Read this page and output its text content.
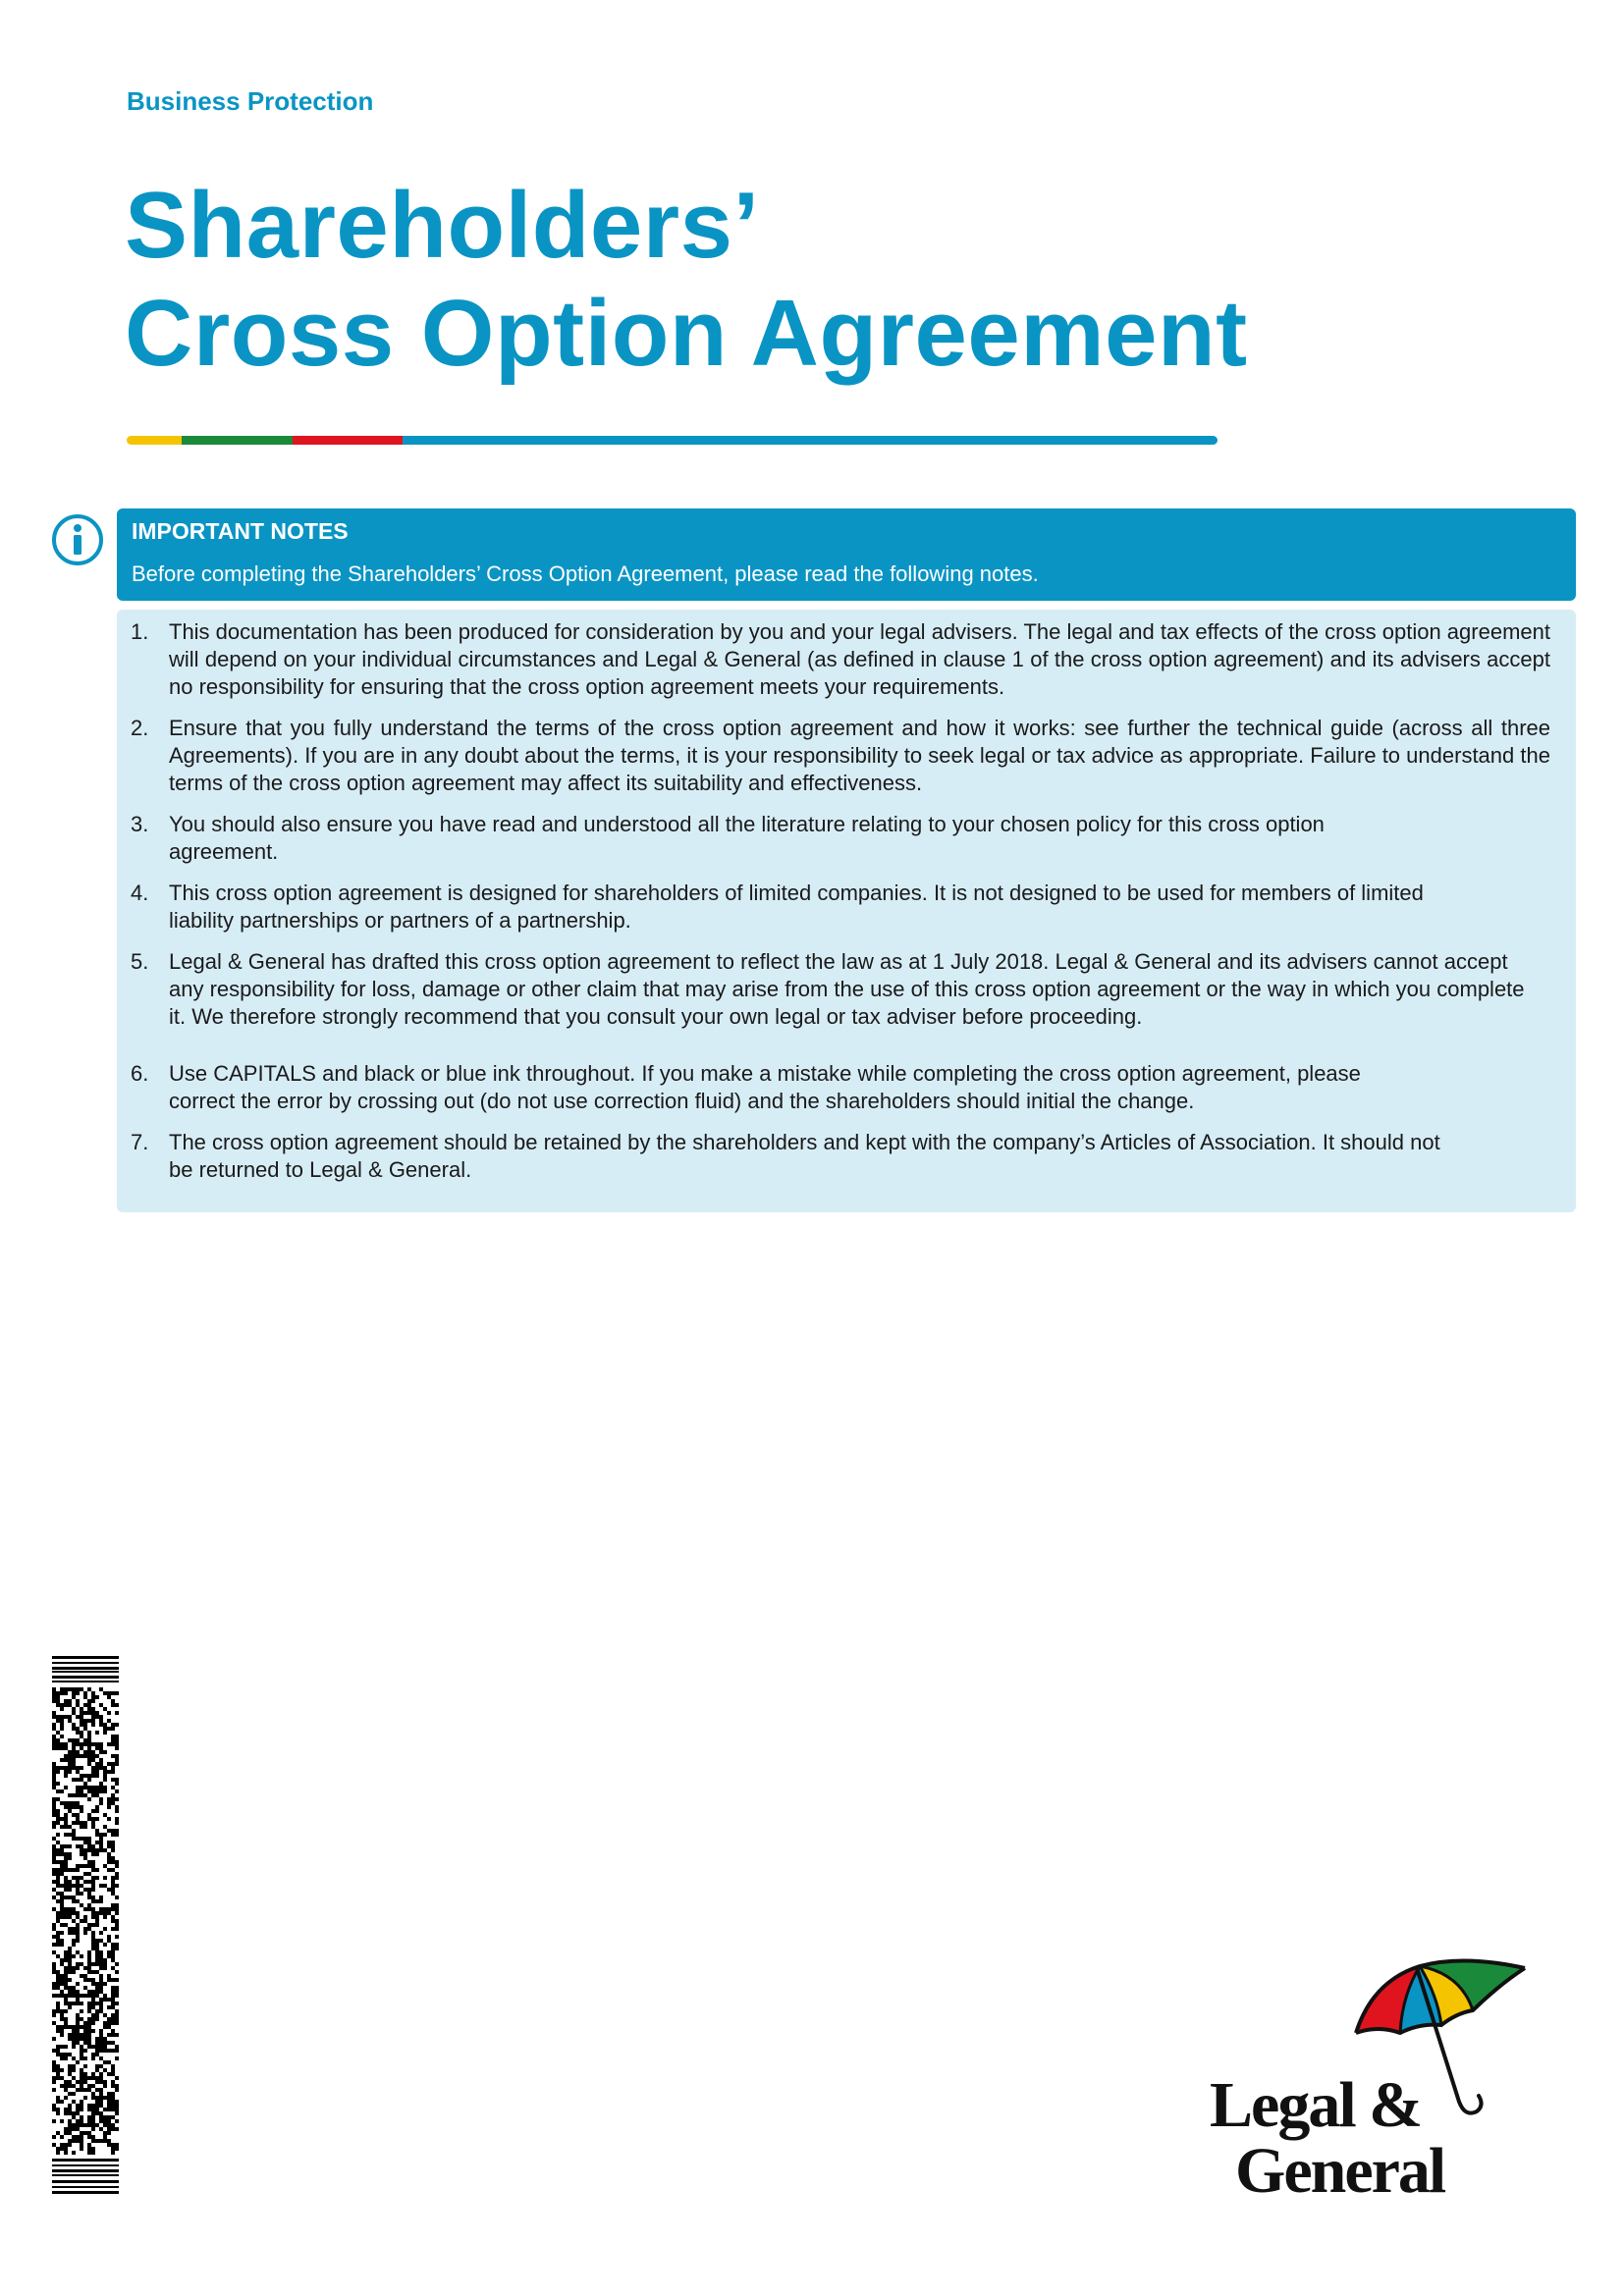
Business Protection
Shareholders’
Cross Option Agreement
IMPORTANT NOTES
Before completing the Shareholders’ Cross Option Agreement, please read the following notes.
1. This documentation has been produced for consideration by you and your legal advisers. The legal and tax effects of the cross option agreement will depend on your individual circumstances and Legal & General (as defined in clause 1 of the cross option agreement) and its advisers accept no responsibility for ensuring that the cross option agreement meets your requirements.
2. Ensure that you fully understand the terms of the cross option agreement and how it works: see further the technical guide (across all three Agreements). If you are in any doubt about the terms, it is your responsibility to seek legal or tax advice as appropriate. Failure to understand the terms of the cross option agreement may affect its suitability and effectiveness.
3. You should also ensure you have read and understood all the literature relating to your chosen policy for this cross option agreement.
4. This cross option agreement is designed for shareholders of limited companies. It is not designed to be used for members of limited liability partnerships or partners of a partnership.
5. Legal & General has drafted this cross option agreement to reflect the law as at 1 July 2018. Legal & General and its advisers cannot accept any responsibility for loss, damage or other claim that may arise from the use of this cross option agreement or the way in which you complete it. We therefore strongly recommend that you consult your own legal or tax adviser before proceeding.
6. Use CAPITALS and black or blue ink throughout. If you make a mistake while completing the cross option agreement, please correct the error by crossing out (do not use correction fluid) and the shareholders should initial the change.
7. The cross option agreement should be retained by the shareholders and kept with the company’s Articles of Association. It should not be returned to Legal & General.
Legal &
General
